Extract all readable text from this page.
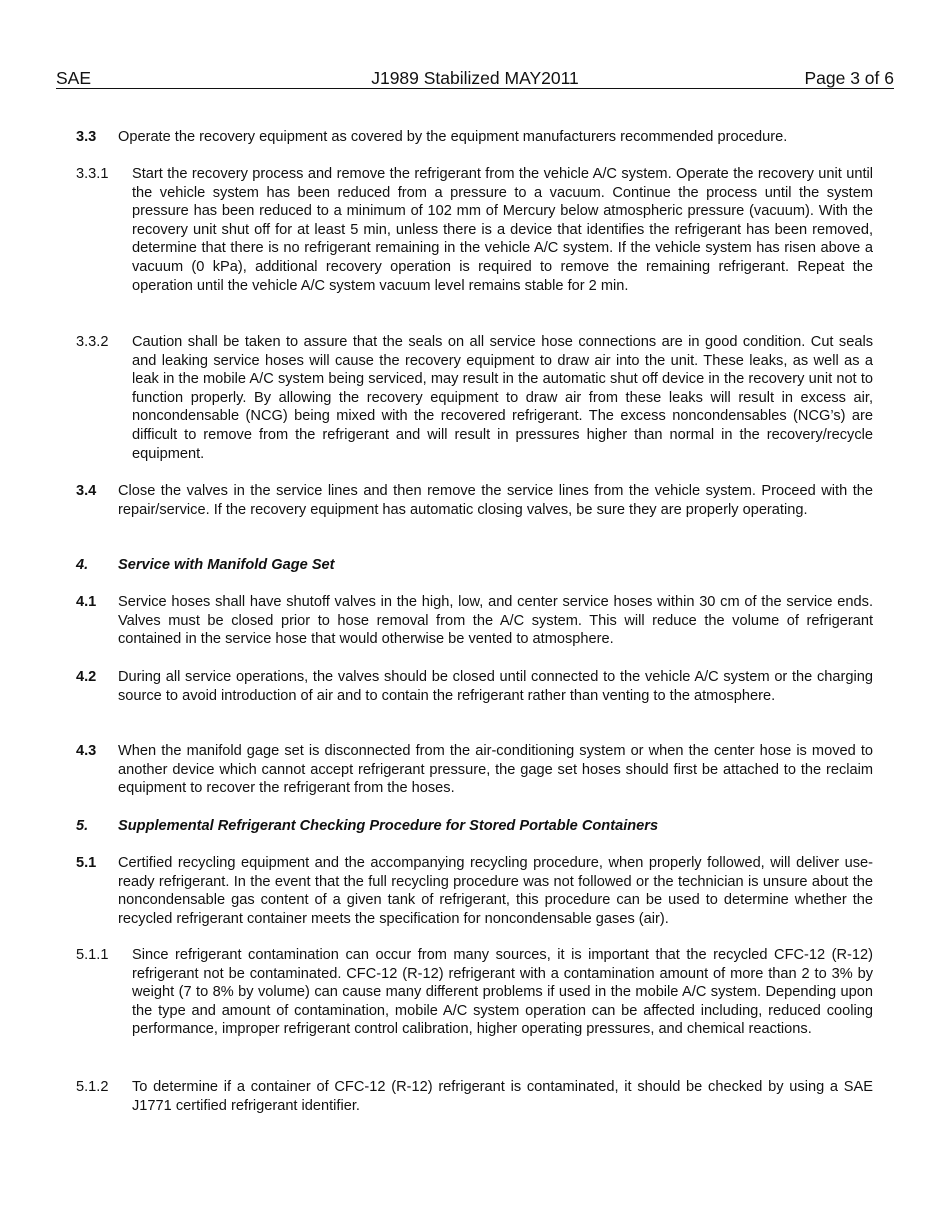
SAE	J1989 Stabilized MAY2011	Page 3 of 6
3.3 Operate the recovery equipment as covered by the equipment manufacturers recommended procedure.
3.3.1 Start the recovery process and remove the refrigerant from the vehicle A/C system. Operate the recovery unit until the vehicle system has been reduced from a pressure to a vacuum. Continue the process until the system pressure has been reduced to a minimum of 102 mm of Mercury below atmospheric pressure (vacuum). With the recovery unit shut off for at least 5 min, unless there is a device that identifies the refrigerant has been removed, determine that there is no refrigerant remaining in the vehicle A/C system. If the vehicle system has risen above a vacuum (0 kPa), additional recovery operation is required to remove the remaining refrigerant. Repeat the operation until the vehicle A/C system vacuum level remains stable for 2 min.
3.3.2 Caution shall be taken to assure that the seals on all service hose connections are in good condition. Cut seals and leaking service hoses will cause the recovery equipment to draw air into the unit. These leaks, as well as a leak in the mobile A/C system being serviced, may result in the automatic shut off device in the recovery unit not to function properly. By allowing the recovery equipment to draw air from these leaks will result in excess air, noncondensable (NCG) being mixed with the recovered refrigerant. The excess noncondensables (NCG’s) are difficult to remove from the refrigerant and will result in pressures higher than normal in the recovery/recycle equipment.
3.4 Close the valves in the service lines and then remove the service lines from the vehicle system. Proceed with the repair/service. If the recovery equipment has automatic closing valves, be sure they are properly operating.
4. Service with Manifold Gage Set
4.1 Service hoses shall have shutoff valves in the high, low, and center service hoses within 30 cm of the service ends. Valves must be closed prior to hose removal from the A/C system. This will reduce the volume of refrigerant contained in the service hose that would otherwise be vented to atmosphere.
4.2 During all service operations, the valves should be closed until connected to the vehicle A/C system or the charging source to avoid introduction of air and to contain the refrigerant rather than venting to the atmosphere.
4.3 When the manifold gage set is disconnected from the air-conditioning system or when the center hose is moved to another device which cannot accept refrigerant pressure, the gage set hoses should first be attached to the reclaim equipment to recover the refrigerant from the hoses.
5. Supplemental Refrigerant Checking Procedure for Stored Portable Containers
5.1 Certified recycling equipment and the accompanying recycling procedure, when properly followed, will deliver use-ready refrigerant. In the event that the full recycling procedure was not followed or the technician is unsure about the noncondensable gas content of a given tank of refrigerant, this procedure can be used to determine whether the recycled refrigerant container meets the specification for noncondensable gases (air).
5.1.1 Since refrigerant contamination can occur from many sources, it is important that the recycled CFC-12 (R-12) refrigerant not be contaminated. CFC-12 (R-12) refrigerant with a contamination amount of more than 2 to 3% by weight (7 to 8% by volume) can cause many different problems if used in the mobile A/C system. Depending upon the type and amount of contamination, mobile A/C system operation can be affected including, reduced cooling performance, improper refrigerant control calibration, higher operating pressures, and chemical reactions.
5.1.2 To determine if a container of CFC-12 (R-12) refrigerant is contaminated, it should be checked by using a SAE J1771 certified refrigerant identifier.
